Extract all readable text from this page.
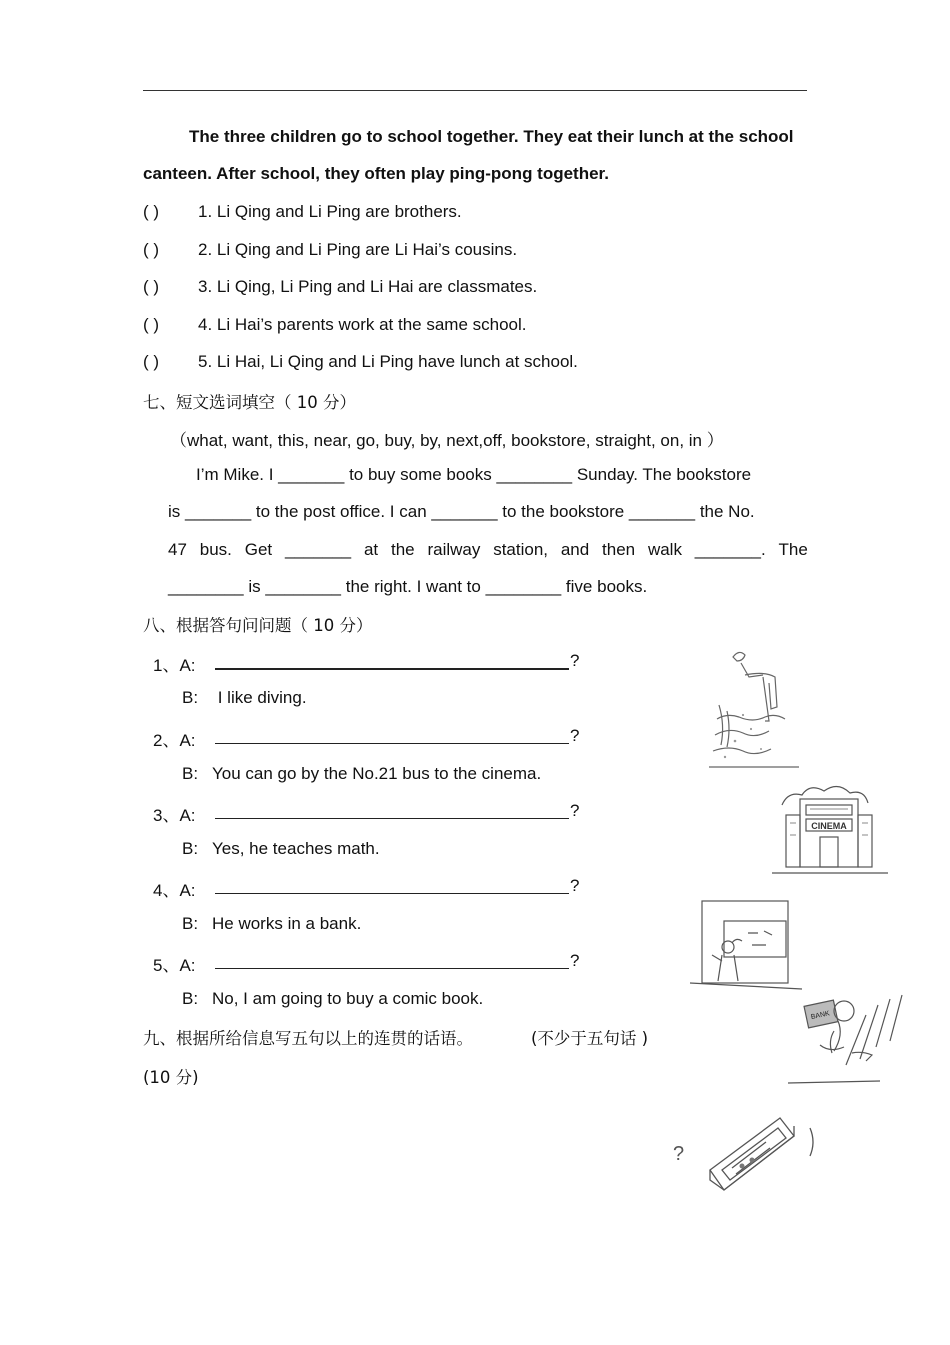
The three children go to school together. They eat their lunch at the school
canteen. After school, they often play ping-pong together.
( ) 1. Li Qing and Li Ping are brothers.
( ) 2. Li Qing and Li Ping are Li Hai’s cousins.
( ) 3. Li Qing, Li Ping and Li Hai are classmates.
( ) 4. Li Hai’s parents work at the same school.
( ) 5. Li Hai, Li Qing and Li Ping have lunch at school.
七、短文选词填空（ 10 分）
（what, want, this, near, go, buy, by, next,off, bookstore, straight, on, in ）
I’m Mike. I _______ to buy some books ________ Sunday. The bookstore
is _______ to the post office. I can _______ to the bookstore _______ the No.
47 bus. Get _______ at the railway station, and then walk _______. The
________ is ________ the right. I want to ________ five books.
八、根据答句问问题（ 10 分）
1、A:	?
B: I like diving.
2、A:	?
B: You can go by the No.21 bus to the cinema.
3、A:	?
B: Yes, he teaches math.
4、A:	?
B: He works in a bank.
5、A:	?
B: No, I am going to buy a comic book.
九、根据所给信息写五句以上的连贯的话语。	(不少于五句话 )
(10 分)
CINEMA
BANK
?
